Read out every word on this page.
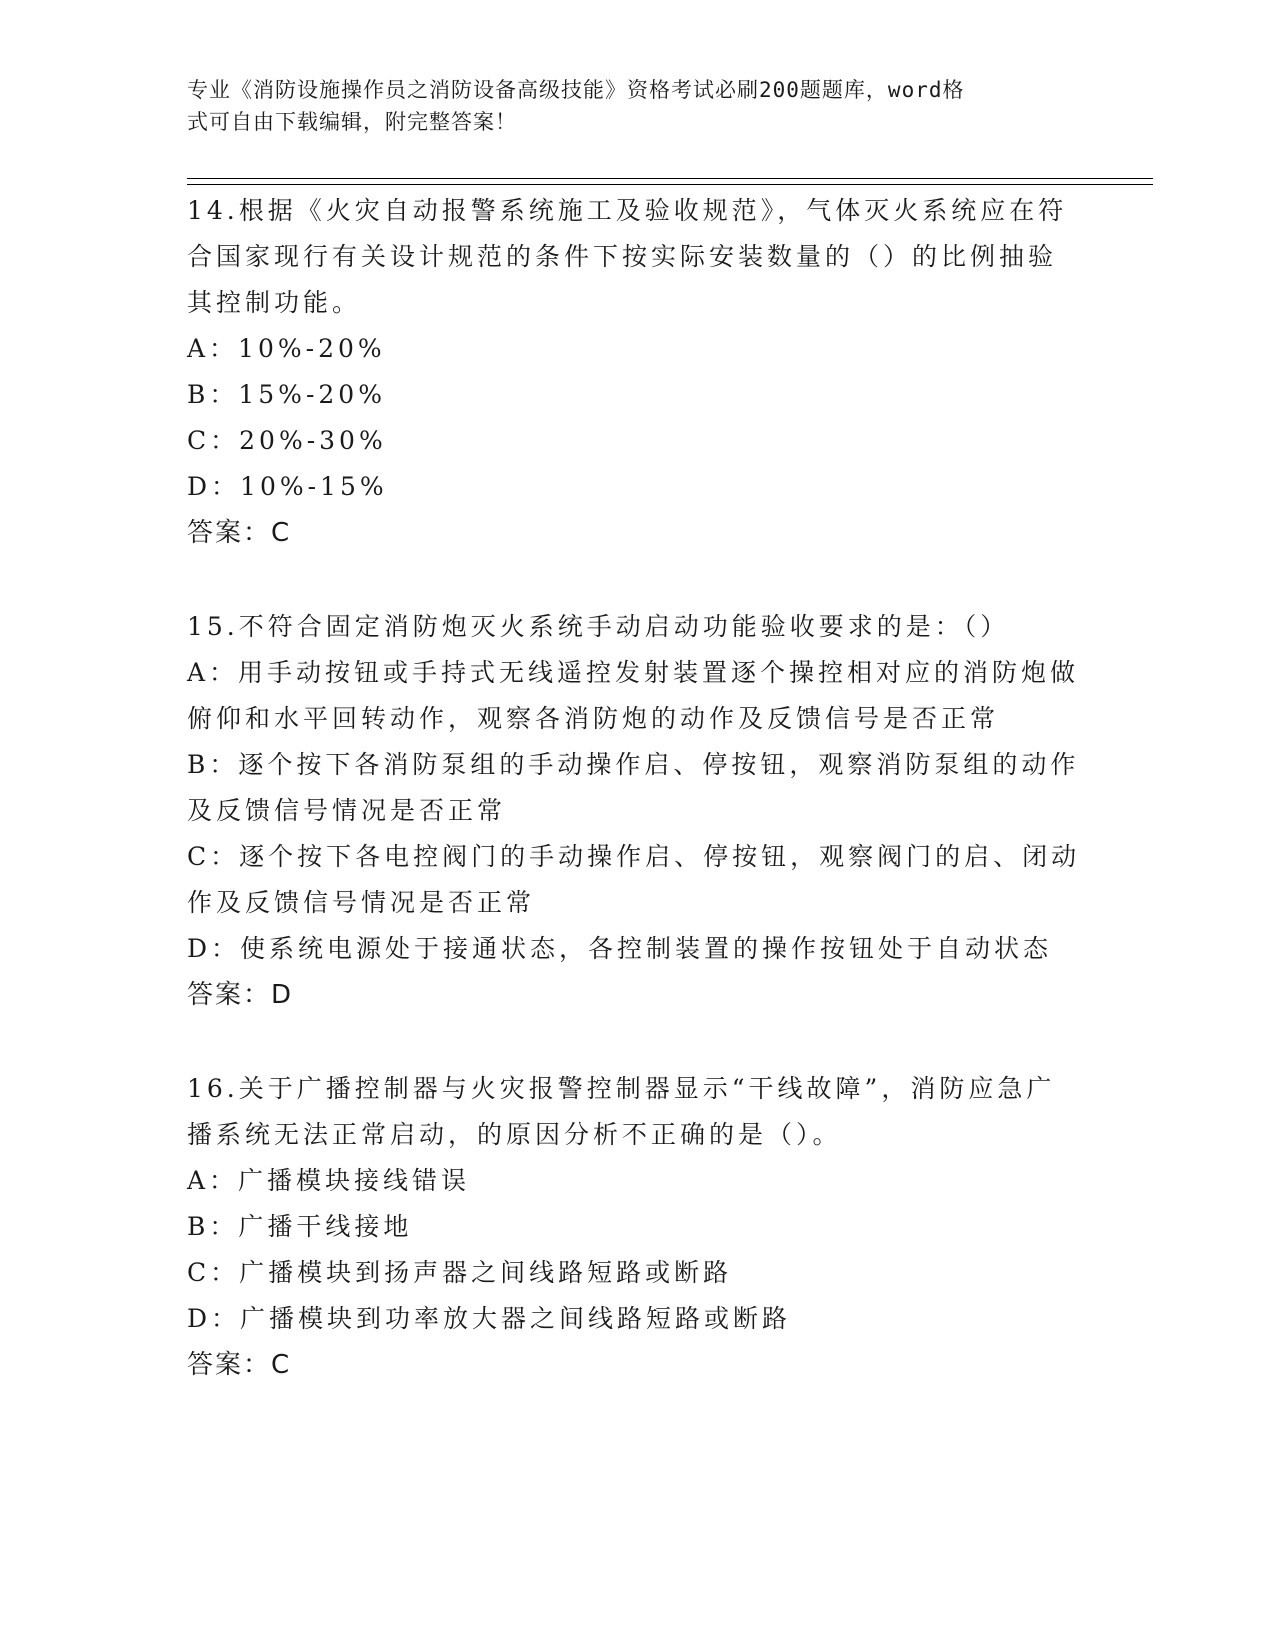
专业《消防设施操作员之消防设备高级技能》资格考试必刷200题题库，word格
式可自由下载编辑，附完整答案！
14.根据《火灾自动报警系统施工及验收规范》，气体灭火系统应在符
合国家现行有关设计规范的条件下按实际安装数量的（）的比例抽验
其控制功能。
A：10%-20%
B：15%-20%
C：20%-30%
D：10%-15%
答案：C
15.不符合固定消防炮灭火系统手动启动功能验收要求的是：（）
A：用手动按钮或手持式无线遥控发射装置逐个操控相对应的消防炮做
俯仰和水平回转动作，观察各消防炮的动作及反馈信号是否正常
B：逐个按下各消防泵组的手动操作启、停按钮，观察消防泵组的动作
及反馈信号情况是否正常
C：逐个按下各电控阀门的手动操作启、停按钮，观察阀门的启、闭动
作及反馈信号情况是否正常
D：使系统电源处于接通状态，各控制装置的操作按钮处于自动状态
答案：D
16.关于广播控制器与火灾报警控制器显示“干线故障”，消防应急广
播系统无法正常启动，的原因分析不正确的是（）。
A：广播模块接线错误
B：广播干线接地
C：广播模块到扬声器之间线路短路或断路
D：广播模块到功率放大器之间线路短路或断路
答案：C
